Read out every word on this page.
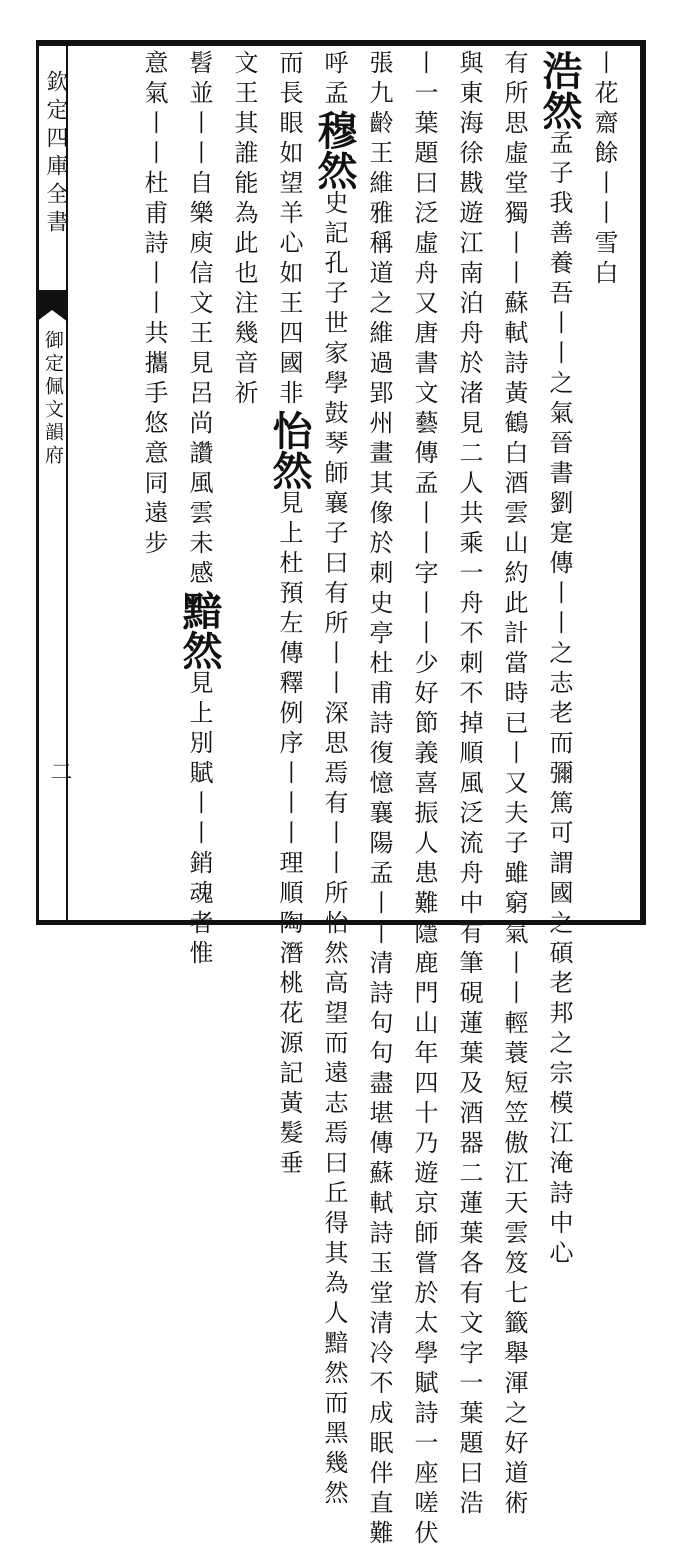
欽定四庫全書
御定佩文韻府
二
丨花齋餘丨丨雪白
浩然孟子我善養吾丨丨之氣晉書劉寔傳丨丨之志老而彌篤可謂國之碩老邦之宗模江淹詩中心
有所思虛堂獨丨丨蘇軾詩黃鶴白酒雲山約此計當時已丨又夫子雖窮氣丨丨輕蓑短笠傲江天雲笈七籤舉渾之好道術
與東海徐戡遊江南泊舟於渚見二人共乘一舟不刺不掉順風泛流舟中有筆硯蓮葉及酒器二蓮葉各有文字一葉題曰浩
丨一葉題曰泛虛舟又唐書文藝傳孟丨丨字丨丨少好節義喜振人患難隱鹿門山年四十乃遊京師嘗於太學賦詩一座嗟伏
張九齡王維雅稱道之維過郢州畫其像於刺史亭杜甫詩復憶襄陽孟丨丨清詩句句盡堪傳蘇軾詩玉堂清冷不成眠伴直難
呼孟穆然史記孔子世家學鼓琴師襄子曰有所丨丨深思焉有丨丨所怡然高望而遠志焉曰丘得其為人黯然而黑幾然
而長眼如望羊心如王四國非怡然見上杜預左傳釋例序丨丨丨理順陶潛桃花源記黃髮垂
文王其誰能為此也注幾音祈
髫並丨丨自樂庾信文王見呂尚讚風雲未感黯然見上別賦丨丨銷魂者惟
意氣丨丨杜甫詩丨丨共攜手悠意同遠步
